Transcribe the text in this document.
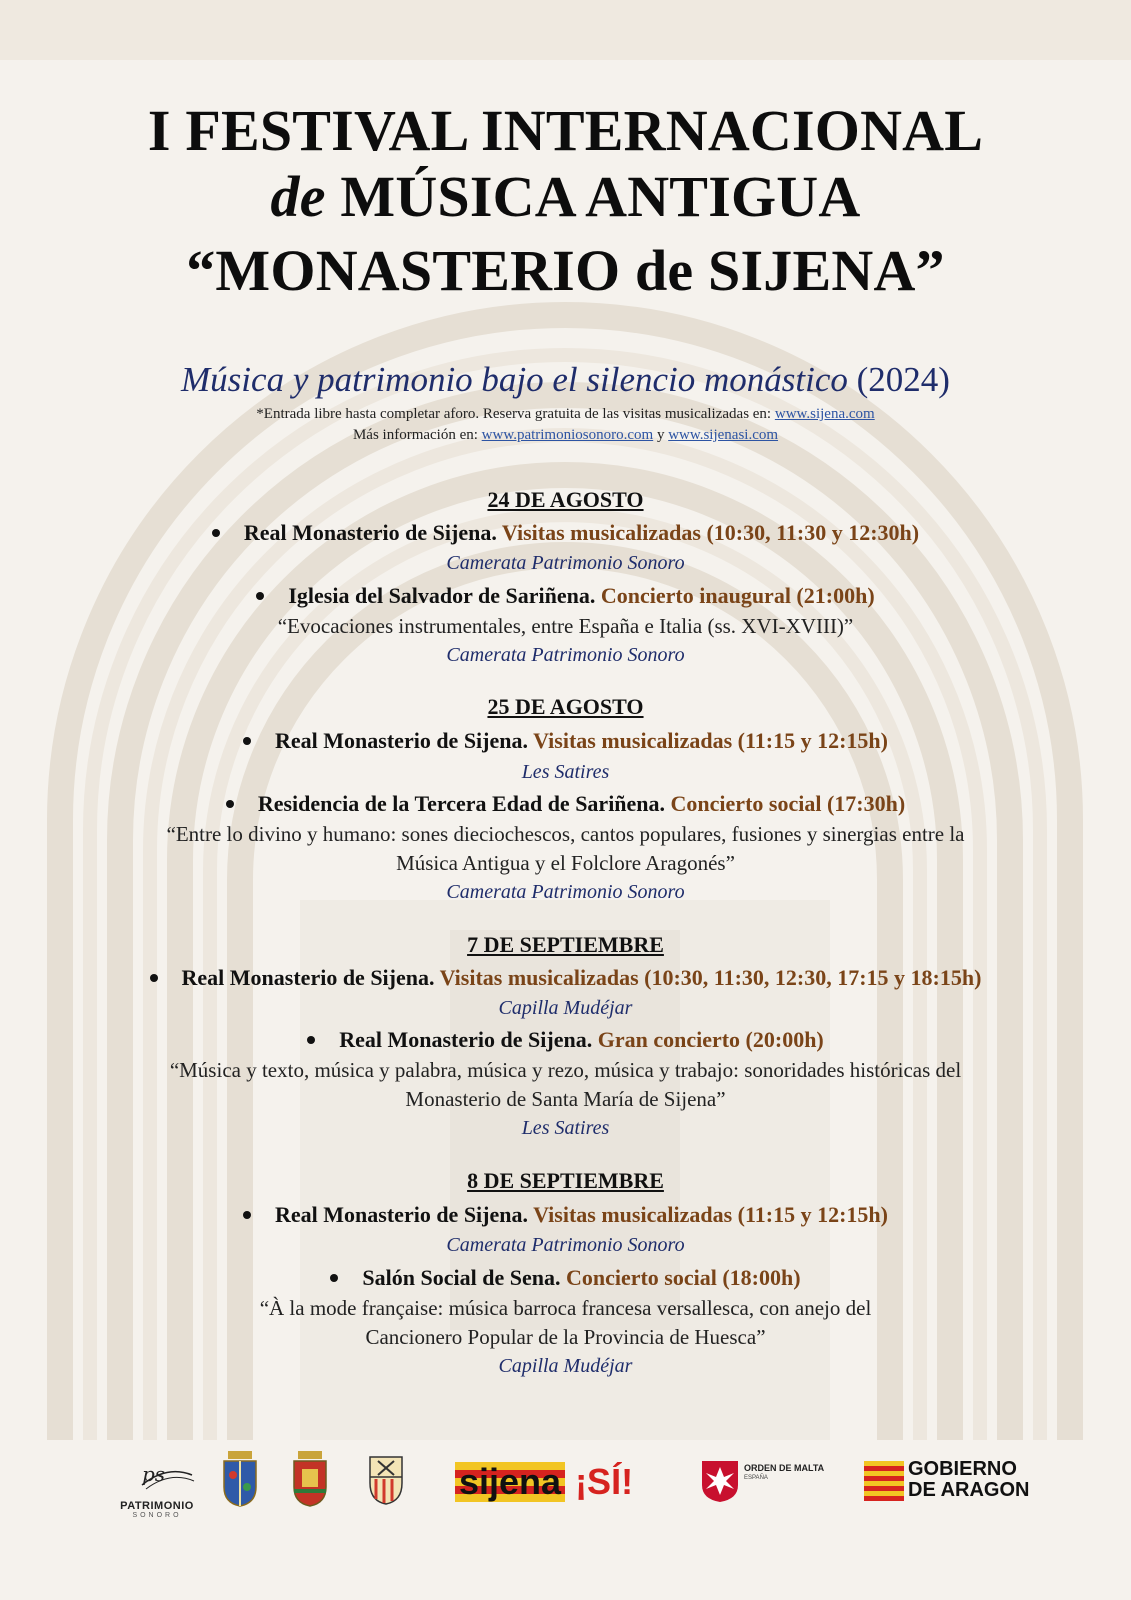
I FESTIVAL INTERNACIONAL
de MÚSICA ANTIGUA
“MONASTERIO de SIJENA”
Música y patrimonio bajo el silencio monástico (2024)
*Entrada libre hasta completar aforo. Reserva gratuita de las visitas musicalizadas en: www.sijena.com
Más información en: www.patrimoniosonoro.com y www.sijenasi.com
24 DE AGOSTO
Real Monasterio de Sijena. Visitas musicalizadas (10:30, 11:30 y 12:30h)
Camerata Patrimonio Sonoro
Iglesia del Salvador de Sariñena. Concierto inaugural (21:00h)
“Evocaciones instrumentales, entre España e Italia (ss. XVI-XVIII)”
Camerata Patrimonio Sonoro
25 DE AGOSTO
Real Monasterio de Sijena. Visitas musicalizadas (11:15 y 12:15h)
Les Satires
Residencia de la Tercera Edad de Sariñena. Concierto social (17:30h)
“Entre lo divino y humano: sones dieciochescos, cantos populares, fusiones y sinergias entre la
Música Antigua y el Folclore Aragonés”
Camerata Patrimonio Sonoro
7 DE SEPTIEMBRE
Real Monasterio de Sijena. Visitas musicalizadas (10:30, 11:30, 12:30, 17:15 y 18:15h)
Capilla Mudéjar
Real Monasterio de Sijena. Gran concierto (20:00h)
“Música y texto, música y palabra, música y rezo, música y trabajo: sonoridades históricas del
Monasterio de Santa María de Sijena”
Les Satires
8 DE SEPTIEMBRE
Real Monasterio de Sijena. Visitas musicalizadas (11:15 y 12:15h)
Camerata Patrimonio Sonoro
Salón Social de Sena. Concierto social (18:00h)
“À la mode française: música barroca francesa versallesca, con anejo del
Cancionero Popular de la Provincia de Huesca”
Capilla Mudéjar
ps
PATRIMONIO
SONORO
sijena ¡SÍ!	ORDEN DE MALTA
ESPAÑA	GOBIERNO
DE ARAGON
